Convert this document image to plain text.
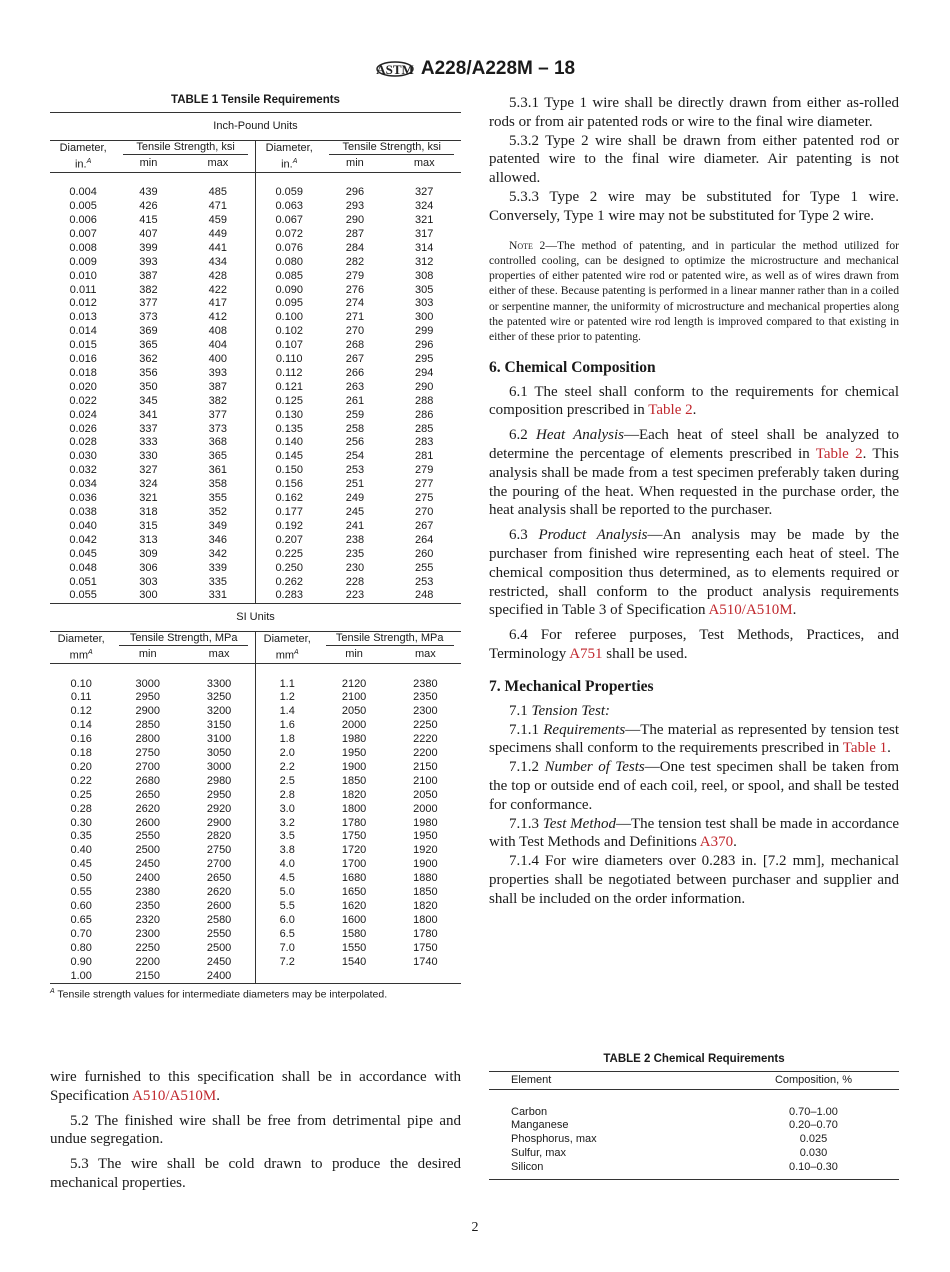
ASTM A228/A228M – 18
TABLE 1 Tensile Requirements
Inch-Pound Units
Diameter,	Tensile Strength, ksi		Diameter,	Tensile Strength, ksi	
in.$^A$	min	max	in.$^A$	min	max

0.004	439	485	0.059	296	327
0.005	426	471	0.063	293	324
0.006	415	459	0.067	290	321
0.007	407	449	0.072	287	317
0.008	399	441	0.076	284	314
0.009	393	434	0.080	282	312
0.010	387	428	0.085	279	308
0.011	382	422	0.090	276	305
0.012	377	417	0.095	274	303
0.013	373	412	0.100	271	300
0.014	369	408	0.102	270	299
0.015	365	404	0.107	268	296
0.016	362	400	0.110	267	295
0.018	356	393	0.112	266	294
0.020	350	387	0.121	263	290
0.022	345	382	0.125	261	288
0.024	341	377	0.130	259	286
0.026	337	373	0.135	258	285
0.028	333	368	0.140	256	283
0.030	330	365	0.145	254	281
0.032	327	361	0.150	253	279
0.034	324	358	0.156	251	277
0.036	321	355	0.162	249	275
0.038	318	352	0.177	245	270
0.040	315	349	0.192	241	267
0.042	313	346	0.207	238	264
0.045	309	342	0.225	235	260
0.048	306	339	0.250	230	255
0.051	303	335	0.262	228	253
0.055	300	331	0.283	223	248
SI Units
Diameter,	Tensile Strength, MPa		Diameter,	Tensile Strength, MPa	
$mm^A$	min	max	$mm^A$	min	max

0.10	3000	3300	1.1	2120	2380
0.11	2950	3250	1.2	2100	2350
0.12	2900	3200	1.4	2050	2300
0.14	2850	3150	1.6	2000	2250
0.16	2800	3100	1.8	1980	2220
0.18	2750	3050	2.0	1950	2200
0.20	2700	3000	2.2	1900	2150
0.22	2680	2980	2.5	1850	2100
0.25	2650	2950	2.8	1820	2050
0.28	2620	2920	3.0	1800	2000
0.30	2600	2900	3.2	1780	1980
0.35	2550	2820	3.5	1750	1950
0.40	2500	2750	3.8	1720	1920
0.45	2450	2700	4.0	1700	1900
0.50	2400	2650	4.5	1680	1880
0.55	2380	2620	5.0	1650	1850
0.60	2350	2600	5.5	1620	1820
0.65	2320	2580	6.0	1600	1800
0.70	2300	2550	6.5	1580	1780
0.80	2250	2500	7.0	1550	1750
0.90	2200	2450	7.2	1540	1740
1.00	2150	2400			
$^A$ Tensile strength values for intermediate diameters may be interpolated.

wire furnished to this specification shall be in accordance with Specification A510/A510M.

5.2 The finished wire shall be free from detrimental pipe and undue segregation.

5.3 The wire shall be cold drawn to produce the desired mechanical properties.

5.3.1 Type 1 wire shall be directly drawn from either as-rolled rods or from air patented rods or wire to the final wire diameter.

5.3.2 Type 2 wire shall be drawn from either patented rod or patented wire to the final wire diameter. Air patenting is not allowed.

5.3.3 Type 2 wire may be substituted for Type 1 wire. Conversely, Type 1 wire may not be substituted for Type 2 wire.

Note 2—The method of patenting, and in particular the method utilized for controlled cooling, can be designed to optimize the microstructure and mechanical properties of either patented wire rod or patented wire, as well as of wires drawn from either of these. Because patenting is performed in a linear manner rather than in a coiled or serpentine manner, the uniformity of microstructure and mechanical properties along the patented wire or patented wire rod length is improved compared to that existing in either of these prior to patenting.
6. Chemical Composition

6.1 The steel shall conform to the requirements for chemical composition prescribed in Table 2.

6.2 Heat Analysis—Each heat of steel shall be analyzed to determine the percentage of elements prescribed in Table 2. This analysis shall be made from a test specimen preferably taken during the pouring of the heat. When requested in the purchase order, the heat analysis shall be reported to the purchaser.

6.3 Product Analysis—An analysis may be made by the purchaser from finished wire representing each heat of steel. The chemical composition thus determined, as to elements required or restricted, shall conform to the product analysis requirements specified in Table 3 of Specification A510/A510M.

6.4 For referee purposes, Test Methods, Practices, and Terminology A751 shall be used.

7. Mechanical Properties

7.1 Tension Test:

7.1.1 Requirements—The material as represented by tension test specimens shall conform to the requirements prescribed in Table 1.

7.1.2 Number of Tests—One test specimen shall be taken from the top or outside end of each coil, reel, or spool, and shall be tested for conformance.

7.1.3 Test Method—The tension test shall be made in accordance with Test Methods and Definitions A370.

7.1.4 For wire diameters over 0.283 in. [7.2 mm], mechanical properties shall be negotiated between purchaser and supplier and shall be included on the order information.

TABLE 2 Chemical Requirements
Element	Composition, %

Carbon	0.70–1.00
Manganese	0.20–0.70
Phosphorus, max	0.025
Sulfur, max	0.030
Silicon	0.10–0.30

2
